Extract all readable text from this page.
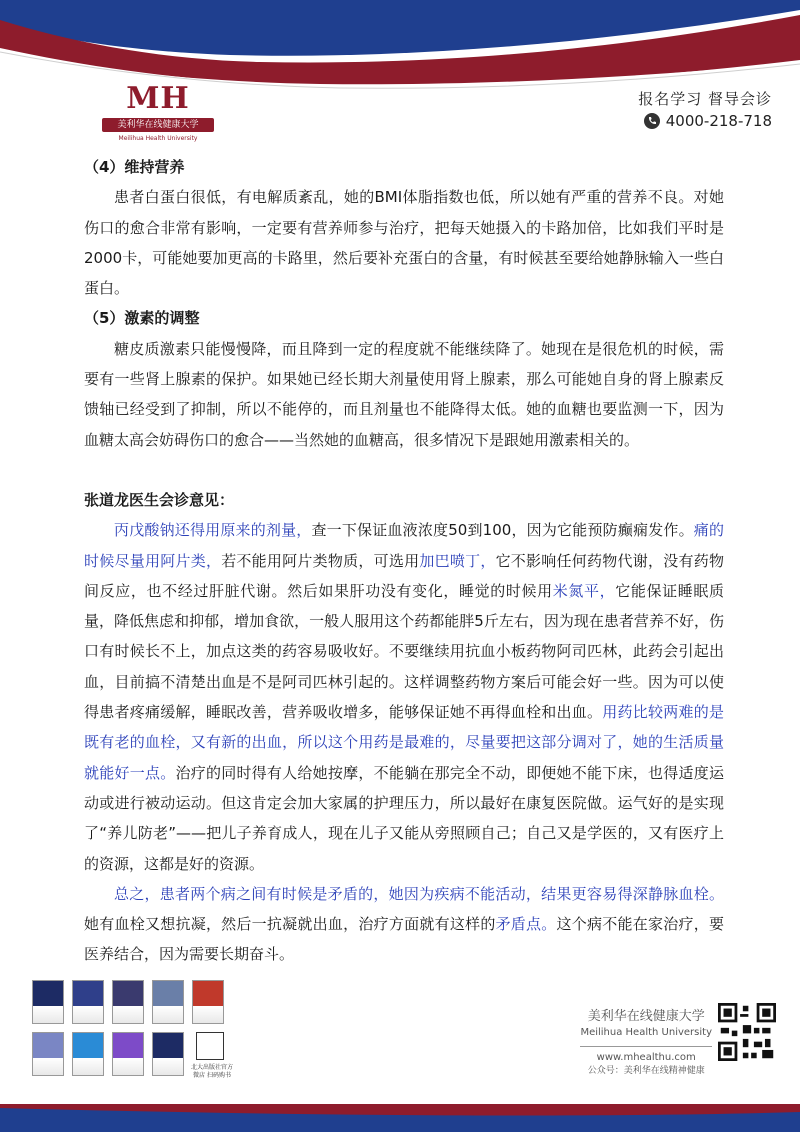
MH
美利华在线健康大学
Meilihua Health University
报名学习 督导会诊
4000-218-718

（4）维持营养

患者白蛋白很低，有电解质紊乱，她的BMI体脂指数也低，所以她有严重的营养不良。对她伤口的愈合非常有影响，一定要有营养师参与治疗，把每天她摄入的卡路加倍，比如我们平时是2000卡，可能她要加更高的卡路里，然后要补充蛋白的含量，有时候甚至要给她静脉输入一些白蛋白。

（5）激素的调整

糖皮质激素只能慢慢降，而且降到一定的程度就不能继续降了。她现在是很危机的时候，需要有一些肾上腺素的保护。如果她已经长期大剂量使用肾上腺素，那么可能她自身的肾上腺素反馈轴已经受到了抑制，所以不能停的，而且剂量也不能降得太低。她的血糖也要监测一下，因为血糖太高会妨碍伤口的愈合——当然她的血糖高，很多情况下是跟她用激素相关的。

张道龙医生会诊意见：

丙戊酸钠还得用原来的剂量，查一下保证血液浓度50到100，因为它能预防癫痫发作。痛的时候尽量用阿片类，若不能用阿片类物质，可选用加巴喷丁，它不影响任何药物代谢，没有药物间反应，也不经过肝脏代谢。然后如果肝功没有变化，睡觉的时候用米氮平，它能保证睡眠质量，降低焦虑和抑郁，增加食欲，一般人服用这个药都能胖5斤左右，因为现在患者营养不好，伤口有时候长不上，加点这类的药容易吸收好。不要继续用抗血小板药物阿司匹林，此药会引起出血，目前搞不清楚出血是不是阿司匹林引起的。这样调整药物方案后可能会好一些。因为可以使得患者疼痛缓解，睡眠改善，营养吸收增多，能够保证她不再得血栓和出血。用药比较两难的是既有老的血栓，又有新的出血，所以这个用药是最难的，尽量要把这部分调对了，她的生活质量就能好一点。治疗的同时得有人给她按摩，不能躺在那完全不动，即便她不能下床，也得适度运动或进行被动运动。但这肯定会加大家属的护理压力，所以最好在康复医院做。运气好的是实现了“养儿防老”——把儿子养育成人，现在儿子又能从旁照顾自己；自己又是学医的，又有医疗上的资源，这都是好的资源。

总之，患者两个病之间有时候是矛盾的，她因为疾病不能活动，结果更容易得深静脉血栓。她有血栓又想抗凝，然后一抗凝就出血，治疗方面就有这样的矛盾点。这个病不能在家治疗，要医养结合，因为需要长期奋斗。

北大出版社官方微店 扫码购书
美利华在线健康大学
Meilihua Health University
www.mhealthu.com
公众号：美利华在线精神健康
